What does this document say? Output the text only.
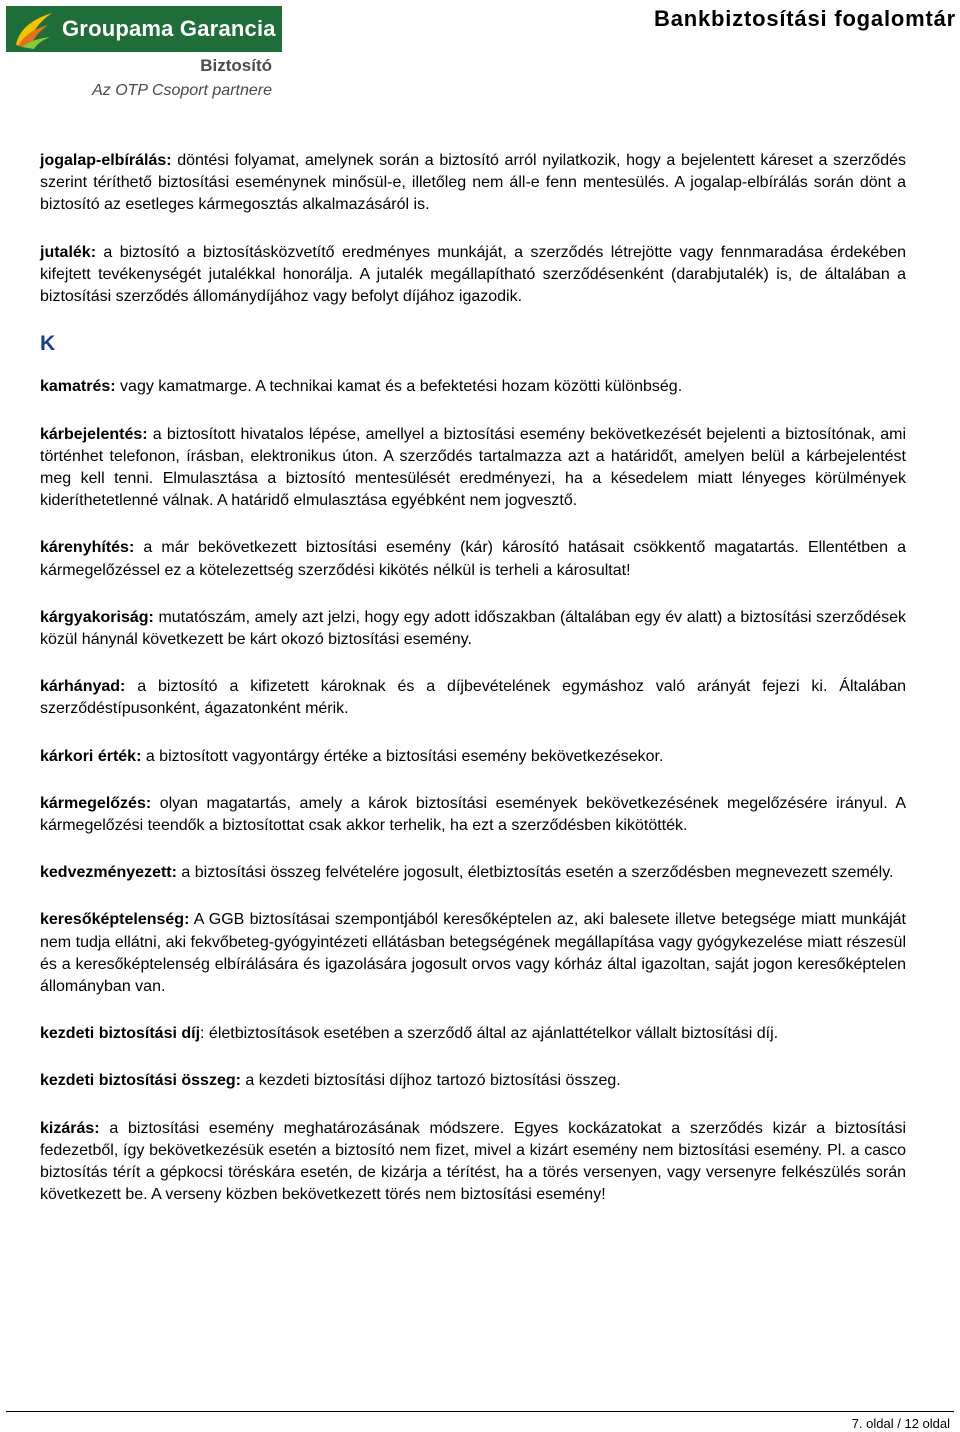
Groupama Garancia
Biztosító
Az OTP Csoport partnere
Bankbiztosítási fogalomtár

jogalap-elbírálás: döntési folyamat, amelynek során a biztosító arról nyilatkozik, hogy a bejelentett káreset a szerződés szerint téríthető biztosítási eseménynek minősül-e, illetőleg nem áll-e fenn mentesülés. A jogalap-elbírálás során dönt a biztosító az esetleges kármegosztás alkalmazásáról is.

jutalék: a biztosító a biztosításközvetítő eredményes munkáját, a szerződés létrejötte vagy fennmaradása érdekében kifejtett tevékenységét jutalékkal honorálja. A jutalék megállapítható szerződésenként (darabjutalék) is, de általában a biztosítási szerződés állománydíjához vagy befolyt díjához igazodik.

K

kamatrés: vagy kamatmarge. A technikai kamat és a befektetési hozam közötti különbség.

kárbejelentés: a biztosított hivatalos lépése, amellyel a biztosítási esemény bekövetkezését bejelenti a biztosítónak, ami történhet telefonon, írásban, elektronikus úton. A szerződés tartalmazza azt a határidőt, amelyen belül a kárbejelentést meg kell tenni. Elmulasztása a biztosító mentesülését eredményezi, ha a késedelem miatt lényeges körülmények kideríthetetlenné válnak. A határidő elmulasztása egyébként nem jogvesztő.

kárenyhítés: a már bekövetkezett biztosítási esemény (kár) károsító hatásait csökkentő magatartás. Ellentétben a kármegelőzéssel ez a kötelezettség szerződési kikötés nélkül is terheli a károsultat!

kárgyakoriság: mutatószám, amely azt jelzi, hogy egy adott időszakban (általában egy év alatt) a biztosítási szerződések közül hánynál következett be kárt okozó biztosítási esemény.

kárhányad: a biztosító a kifizetett károknak és a díjbevételének egymáshoz való arányát fejezi ki. Általában szerződéstípusonként, ágazatonként mérik.

kárkori érték: a biztosított vagyontárgy értéke a biztosítási esemény bekövetkezésekor.

kármegelőzés: olyan magatartás, amely a károk biztosítási események bekövetkezésének megelőzésére irányul. A kármegelőzési teendők a biztosítottat csak akkor terhelik, ha ezt a szerződésben kikötötték.

kedvezményezett: a biztosítási összeg felvételére jogosult, életbiztosítás esetén a szerződésben megnevezett személy.

keresőképtelenség: A GGB biztosításai szempontjából keresőképtelen az, aki balesete illetve betegsége miatt munkáját nem tudja ellátni, aki fekvőbeteg-gyógyintézeti ellátásban betegségének megállapítása vagy gyógykezelése miatt részesül és a keresőképtelenség elbírálására és igazolására jogosult orvos vagy kórház által igazoltan, saját jogon keresőképtelen állományban van.

kezdeti biztosítási díj: életbiztosítások esetében a szerződő által az ajánlattételkor vállalt biztosítási díj.

kezdeti biztosítási összeg: a kezdeti biztosítási díjhoz tartozó biztosítási összeg.

kizárás: a biztosítási esemény meghatározásának módszere. Egyes kockázatokat a szerződés kizár a biztosítási fedezetből, így bekövetkezésük esetén a biztosító nem fizet, mivel a kizárt esemény nem biztosítási esemény. Pl. a casco biztosítás térít a gépkocsi töréskára esetén, de kizárja a térítést, ha a törés versenyen, vagy versenyre felkészülés során következett be. A verseny közben bekövetkezett törés nem biztosítási esemény!

7. oldal / 12 oldal
